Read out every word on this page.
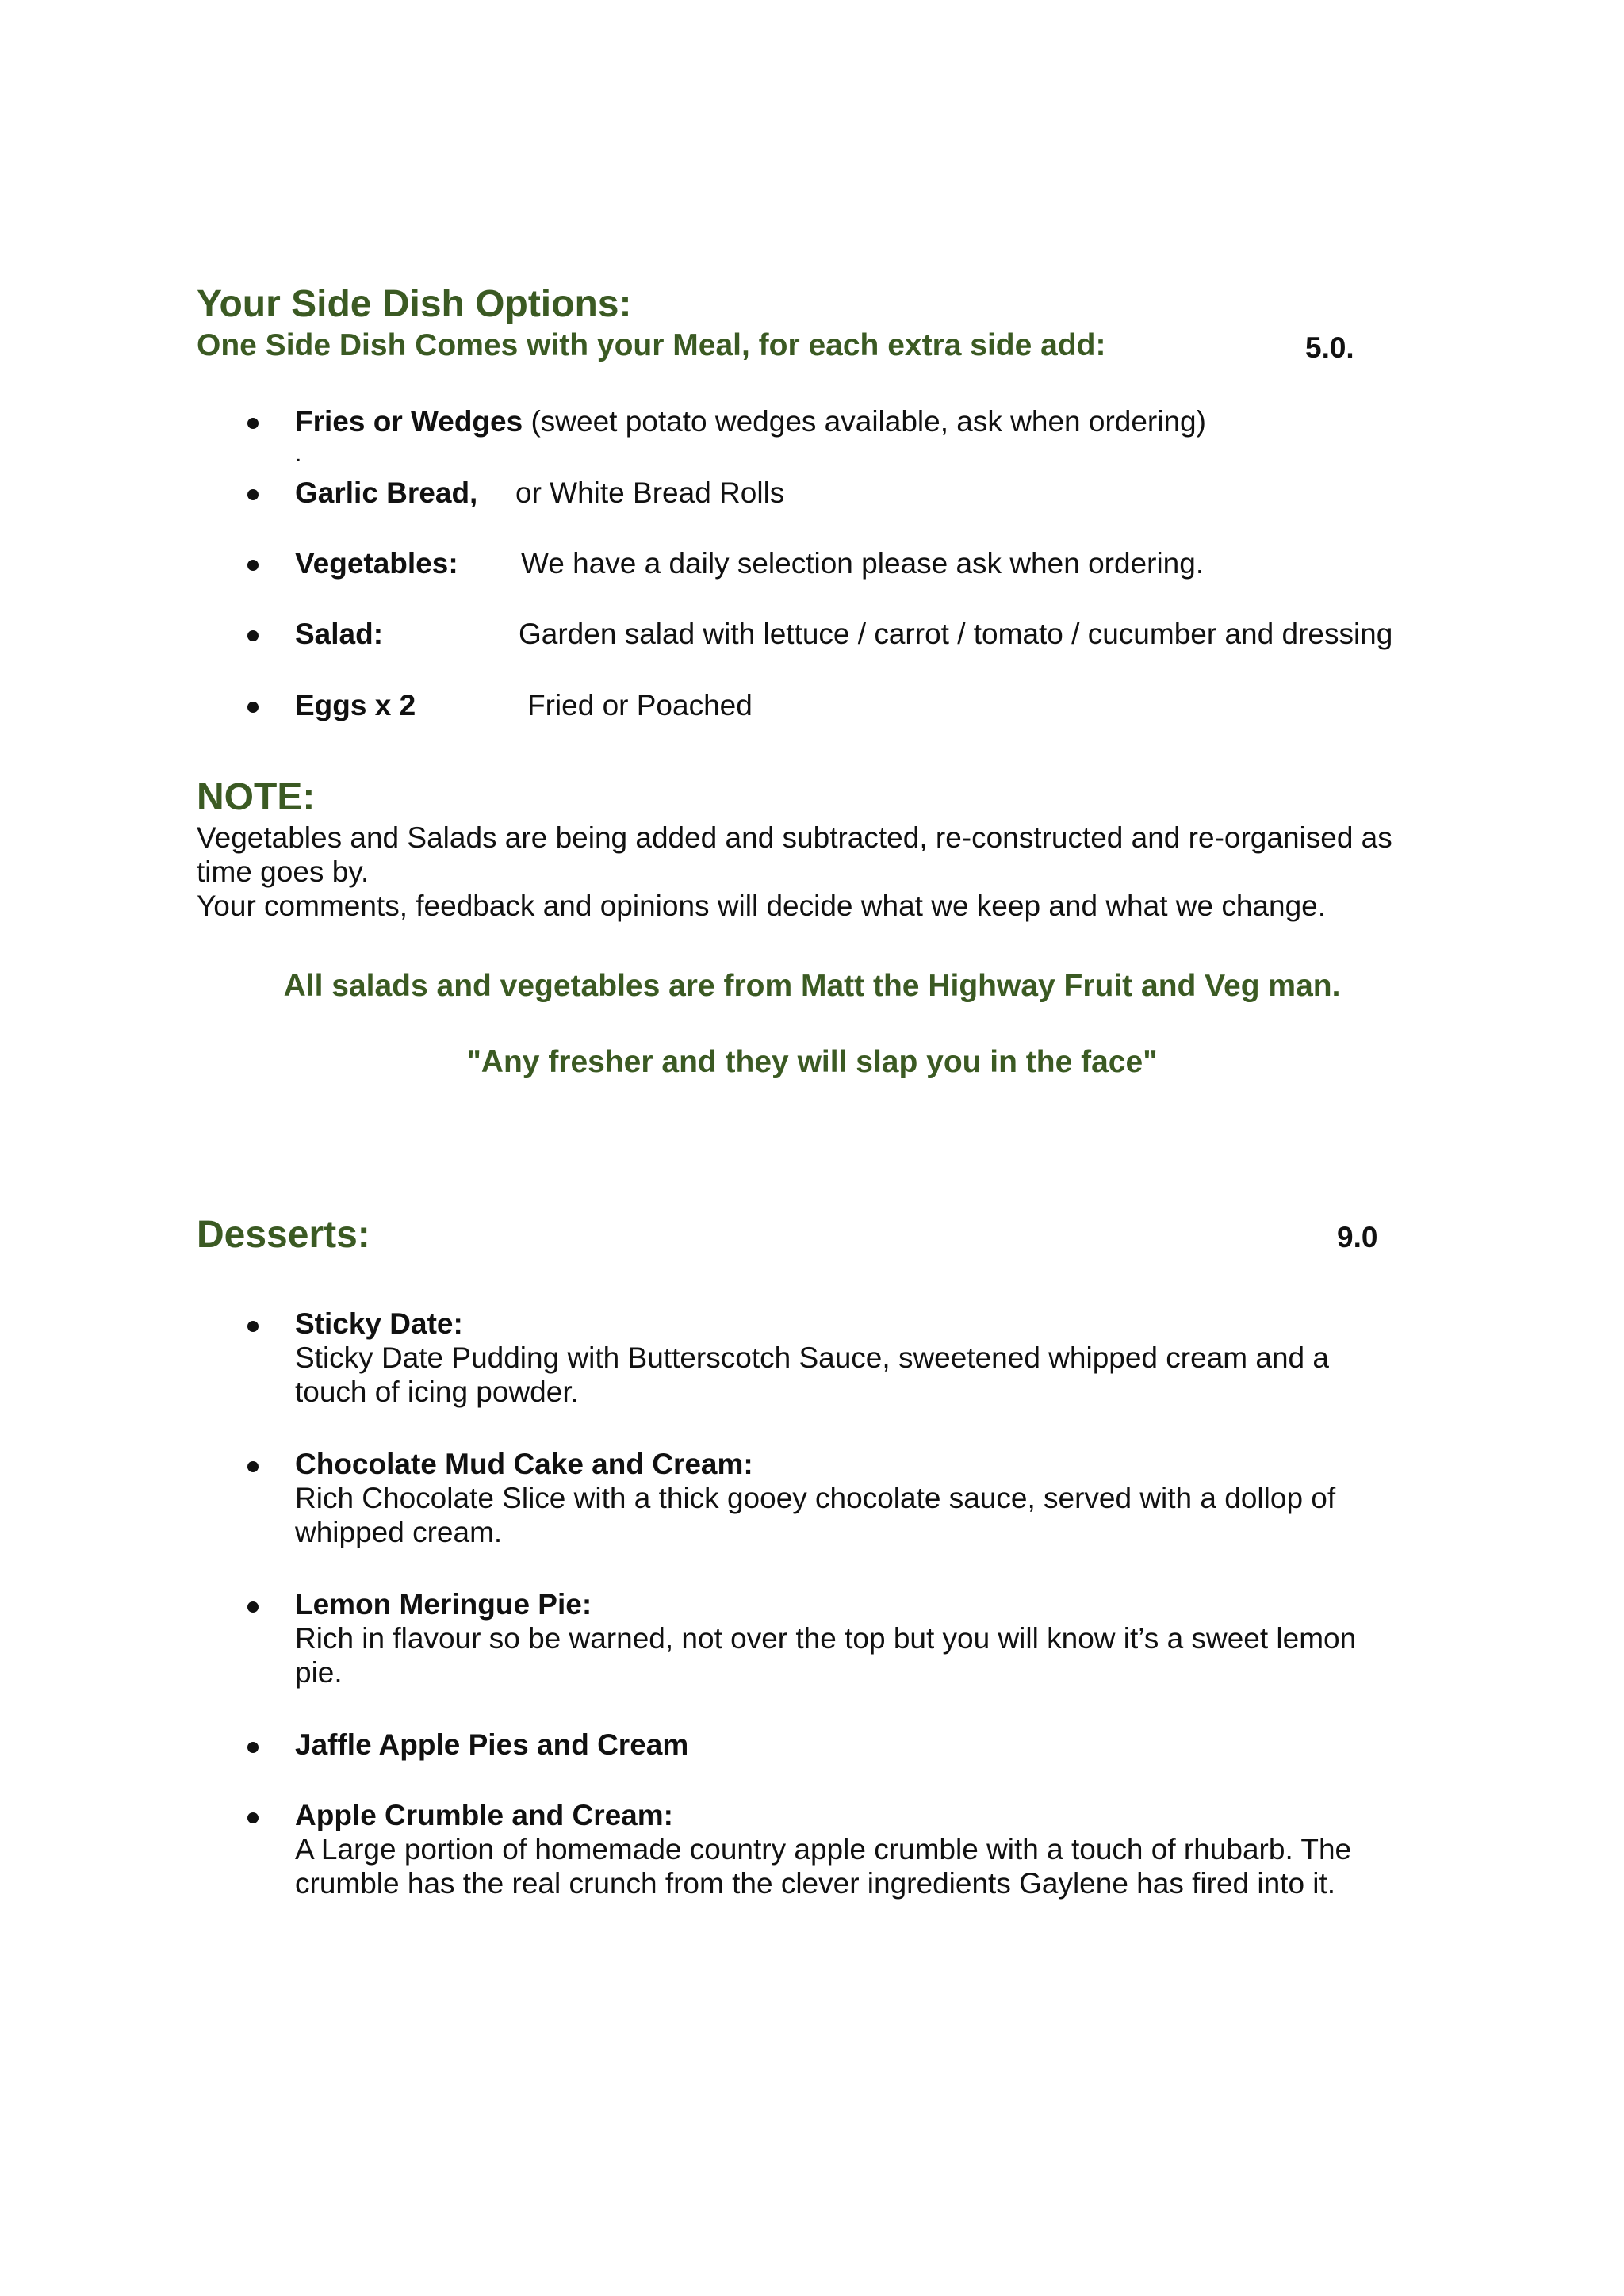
Your Side Dish Options:
One Side Dish Comes with your Meal, for each extra side add:	5.0.
Fries or Wedges (sweet potato wedges available, ask when ordering)
.
Garlic Bread, or White Bread Rolls
Vegetables: We have a daily selection please ask when ordering.
Salad:	Garden salad with lettuce / carrot / tomato / cucumber and dressing
Eggs x 2	Fried or Poached
NOTE:
Vegetables and Salads are being added and subtracted, re-constructed and re-organised as
time goes by.
Your comments, feedback and opinions will decide what we keep and what we change.
All salads and vegetables are from Matt the Highway Fruit and Veg man.
"Any fresher and they will slap you in the face"
Desserts:	9.0
Sticky Date:
Sticky Date Pudding with Butterscotch Sauce, sweetened whipped cream and a
touch of icing powder.
Chocolate Mud Cake and Cream:
Rich Chocolate Slice with a thick gooey chocolate sauce, served with a dollop of
whipped cream.
Lemon Meringue Pie:
Rich in flavour so be warned, not over the top but you will know it’s a sweet lemon
pie.
Jaffle Apple Pies and Cream
Apple Crumble and Cream:
A Large portion of homemade country apple crumble with a touch of rhubarb. The
crumble has the real crunch from the clever ingredients Gaylene has fired into it.
